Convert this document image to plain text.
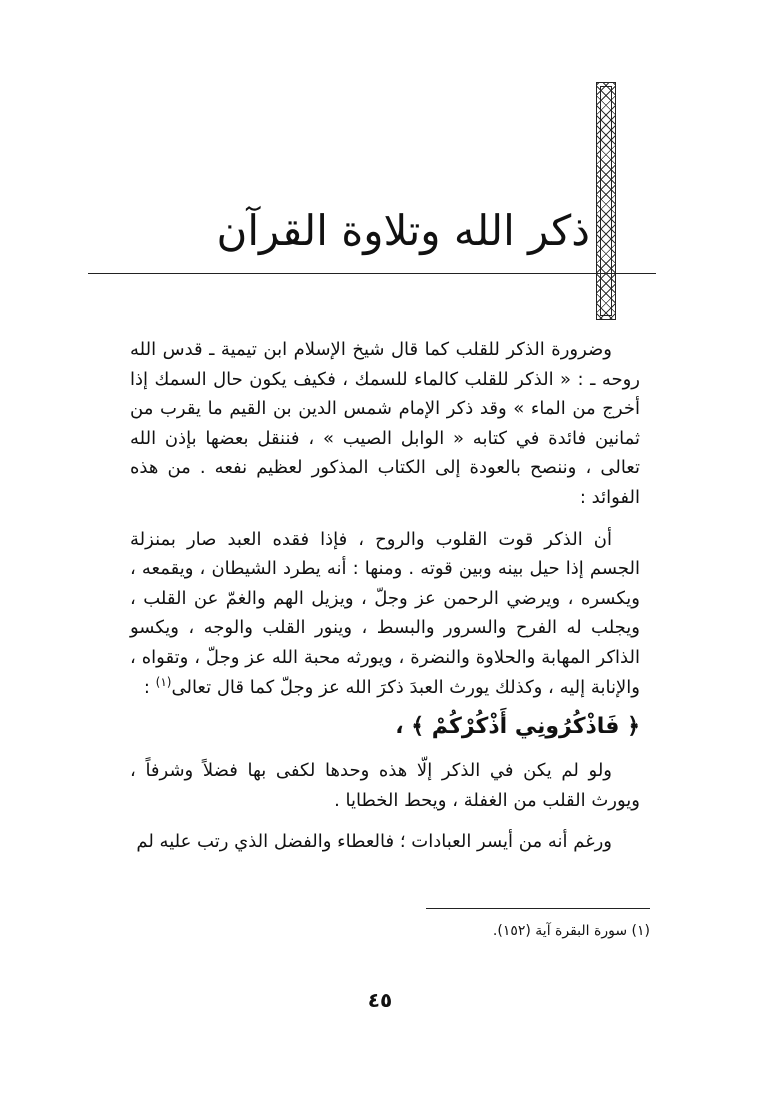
ذكر الله وتلاوة القرآن

وضرورة الذكر للقلب كما قال شيخ الإسلام ابن تيمية ـ قدس الله روحه ـ : « الذكر للقلب كالماء للسمك ، فكيف يكون حال السمك إذا أخرج من الماء » وقد ذكر الإمام شمس الدين بن القيم ما يقرب من ثمانين فائدة في كتابه « الوابل الصيب » ، فننقل بعضها بإذن الله تعالى ، وننصح بالعودة إلى الكتاب المذكور لعظيم نفعه . من هذه الفوائد :

أن الذكر قوت القلوب والروح ، فإذا فقده العبد صار بمنزلة الجسم إذا حيل بينه وبين قوته . ومنها : أنه يطرد الشيطان ، ويقمعه ، ويكسره ، ويرضي الرحمن عز وجلّ ، ويزيل الهم والغمّ عن القلب ، ويجلب له الفرح والسرور والبسط ، وينور القلب والوجه ، ويكسو الذاكر المهابة والحلاوة والنضرة ، ويورثه محبة الله عز وجلّ ، وتقواه ، والإنابة إليه ، وكذلك يورث العبدَ ذكرَ الله عز وجلّ كما قال تعالى$^{(١)}$ :

﴿ فَاذْكُرُونِي أَذْكُرْكُمْ ﴾ ،

ولو لم يكن في الذكر إلّا هذه وحدها لكفى بها فضلاً وشرفاً ، ويورث القلب من الغفلة ، ويحط الخطايا .

ورغم أنه من أيسر العبادات ؛ فالعطاء والفضل الذي رتب عليه لم

(١) سورة البقرة آية (١٥٢).
٤٥
